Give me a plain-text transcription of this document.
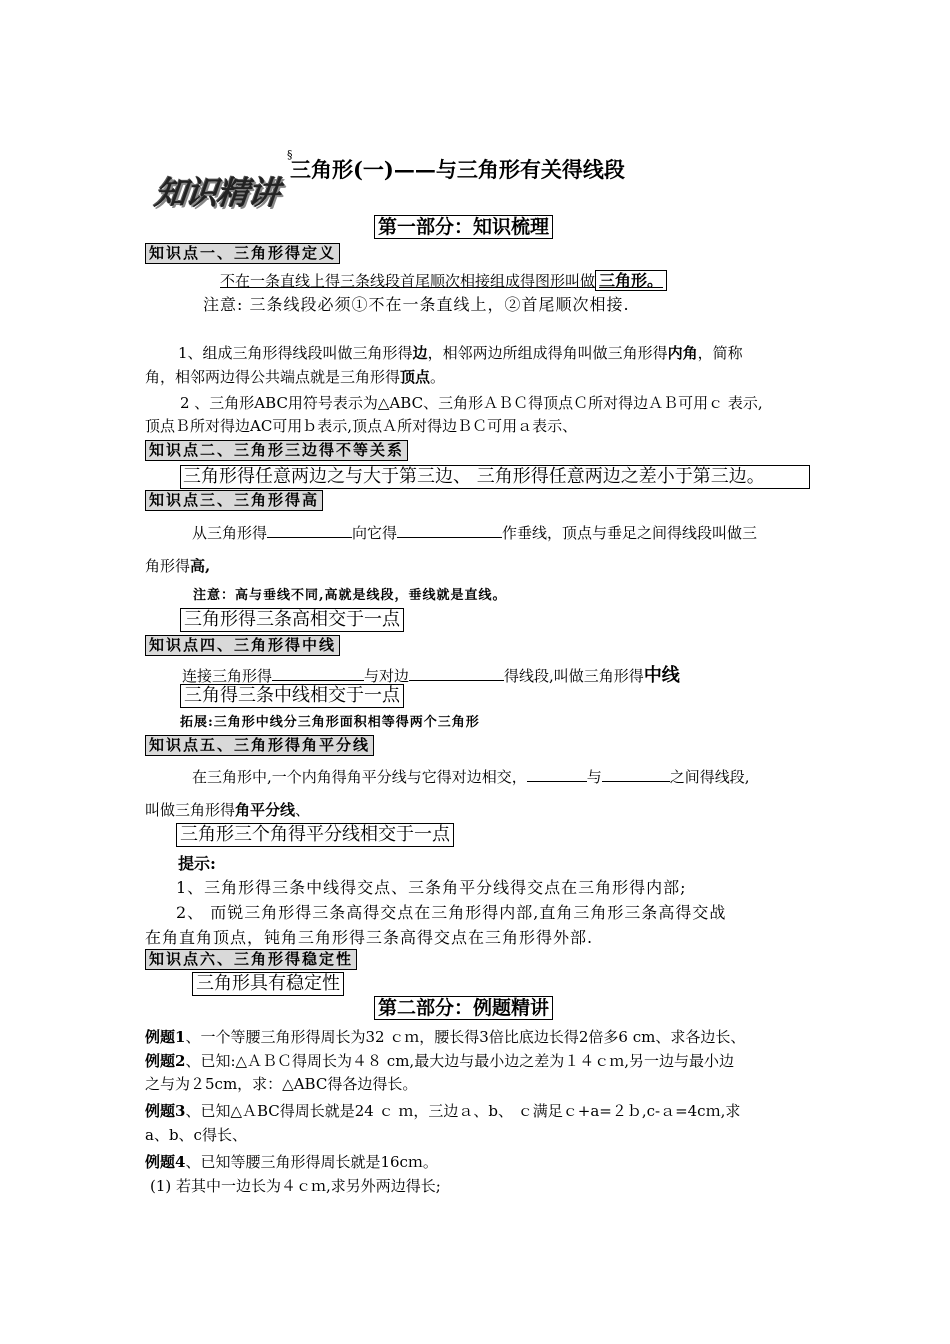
知识精讲
§
三角形(一)——与三角形有关得线段
第一部分：知识梳理
知识点一、三角形得定义
不在一条直线上得三条线段首尾顺次相接组成得图形叫做 三角形。
注意: 三条线段必须①不在一条直线上，②首尾顺次相接.
1、组成三角形得线段叫做三角形得边，相邻两边所组成得角叫做三角形得内角，简称
角，相邻两边得公共端点就是三角形得顶点。
2 、三角形ABC用符号表示为△ABC、三角形ＡＢＣ得顶点Ｃ所对得边ＡＢ可用ｃ 表示,
顶点Ｂ所对得边AC可用ｂ表示,顶点Ａ所对得边ＢＣ可用ａ表示、
知识点二、三角形三边得不等关系
三角形得任意两边之与大于第三边、 三角形得任意两边之差小于第三边。
知识点三、三角形得高
从三角形得	向它得	作垂线，顶点与垂足之间得线段叫做三
角形得高,
注意：高与垂线不同,高就是线段，垂线就是直线。
三角形得三条高相交于一点
知识点四、三角形得中线
连接三角形得	与对边	得线段,叫做三角形得中线
三角得三条中线相交于一点
拓展:三角形中线分三角形面积相等得两个三角形
知识点五、三角形得角平分线
在三角形中,一个内角得角平分线与它得对边相交，	与	之间得线段,
叫做三角形得角平分线、
三角形三个角得平分线相交于一点
提示:
1、三角形得三条中线得交点、三条角平分线得交点在三角形得内部;
2、 而锐三角形得三条高得交点在三角形得内部,直角三角形三条高得交战
在角直角顶点，钝角三角形得三条高得交点在三角形得外部.
知识点六、三角形得稳定性
三角形具有稳定性
第二部分：例题精讲
例题1、一个等腰三角形得周长为32 ｃｍ，腰长得3倍比底边长得2倍多6 cm、求各边长、
例题2、已知:△ＡＢＣ得周长为４８ cm,最大边与最小边之差为１４ｃｍ,另一边与最小边
之与为２5cm，求：△ABC得各边得长。
例题3、已知△ＡBC得周长就是24 ｃ ｍ，三边ａ、b、 ｃ满足ｃ+a=２ｂ,c-ａ=4cｍ,求
a、b、c得长、
例题4、已知等腰三角形得周长就是16cｍ。
(1) 若其中一边长为４ｃｍ,求另外两边得长;
